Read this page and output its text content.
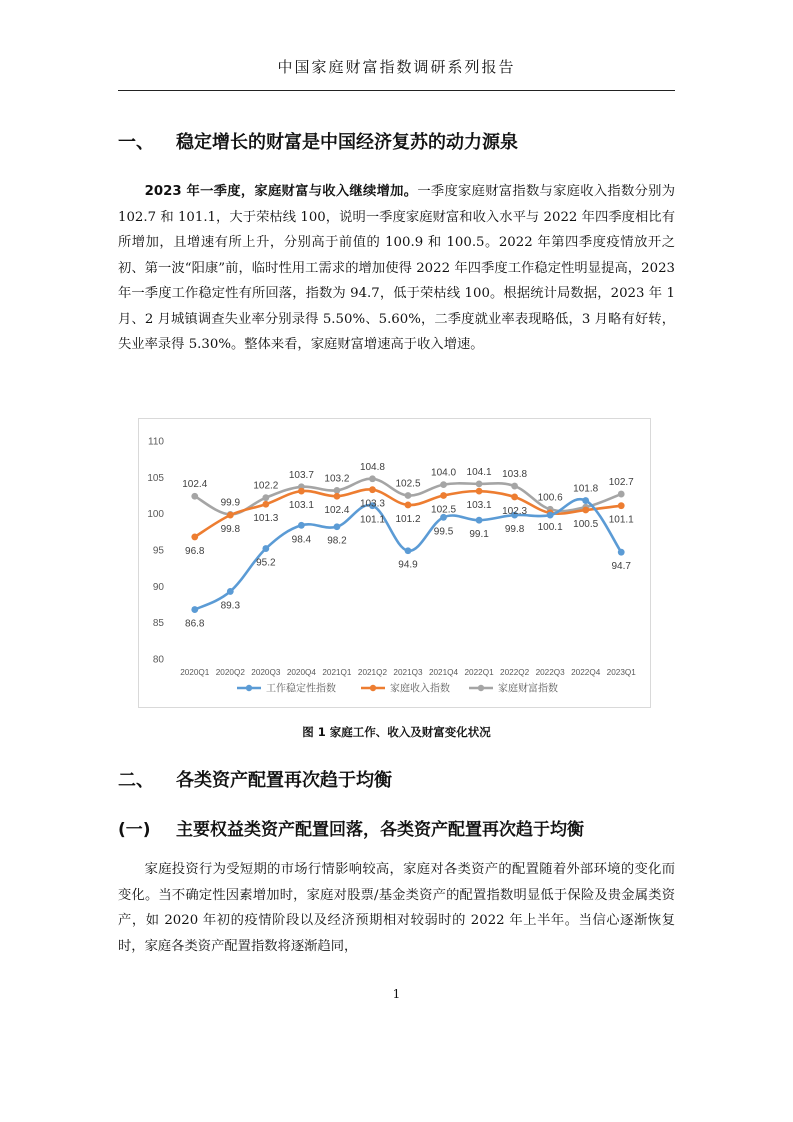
中国家庭财富指数调研系列报告
一、 稳定增长的财富是中国经济复苏的动力源泉

2023 年一季度，家庭财富与收入继续增加。一季度家庭财富指数与家庭收入指数分别为 102.7 和 101.1，大于荣枯线 100，说明一季度家庭财富和收入水平与 2022 年四季度相比有所增加，且增速有所上升，分别高于前值的 100.9 和 100.5。2022 年第四季度疫情放开之初、第一波“阳康”前，临时性用工需求的增加使得 2022 年四季度工作稳定性明显提高，2023 年一季度工作稳定性有所回落，指数为 94.7，低于荣枯线 100。根据统计局数据，2023 年 1 月、2 月城镇调查失业率分别录得 5.50%、5.60%，二季度就业率表现略低，3 月略有好转，失业率录得 5.30%。整体来看，家庭财富增速高于收入增速。

80
85
90
95
100
105
110
2020Q1 2020Q2 2020Q3 2020Q4 2021Q1 2021Q2 2021Q3 2021Q4 2022Q1 2022Q2 2022Q3 2022Q4 2023Q1
86.8
89.3
95.2
98.4 98.2
101.1
94.9
99.5 99.1 99.8
101.8
94.7
96.8
99.8
101.3
103.1 102.4
103.3
101.2
102.5 103.1
102.3
100.1 100.5 101.1
102.4
99.9
102.2
103.7 103.2
104.8
102.5
104.0 104.1 103.8
100.6
102.7
工作稳定性指数	家庭收入指数	家庭财富指数
图 1 家庭工作、收入及财富变化状况
二、 各类资产配置再次趋于均衡
(一) 主要权益类资产配置回落，各类资产配置再次趋于均衡

家庭投资行为受短期的市场行情影响较高，家庭对各类资产的配置随着外部环境的变化而变化。当不确定性因素增加时，家庭对股票/基金类资产的配置指数明显低于保险及贵金属类资产，如 2020 年初的疫情阶段以及经济预期相对较弱时的 2022 年上半年。当信心逐渐恢复时，家庭各类资产配置指数将逐渐趋同，

1
